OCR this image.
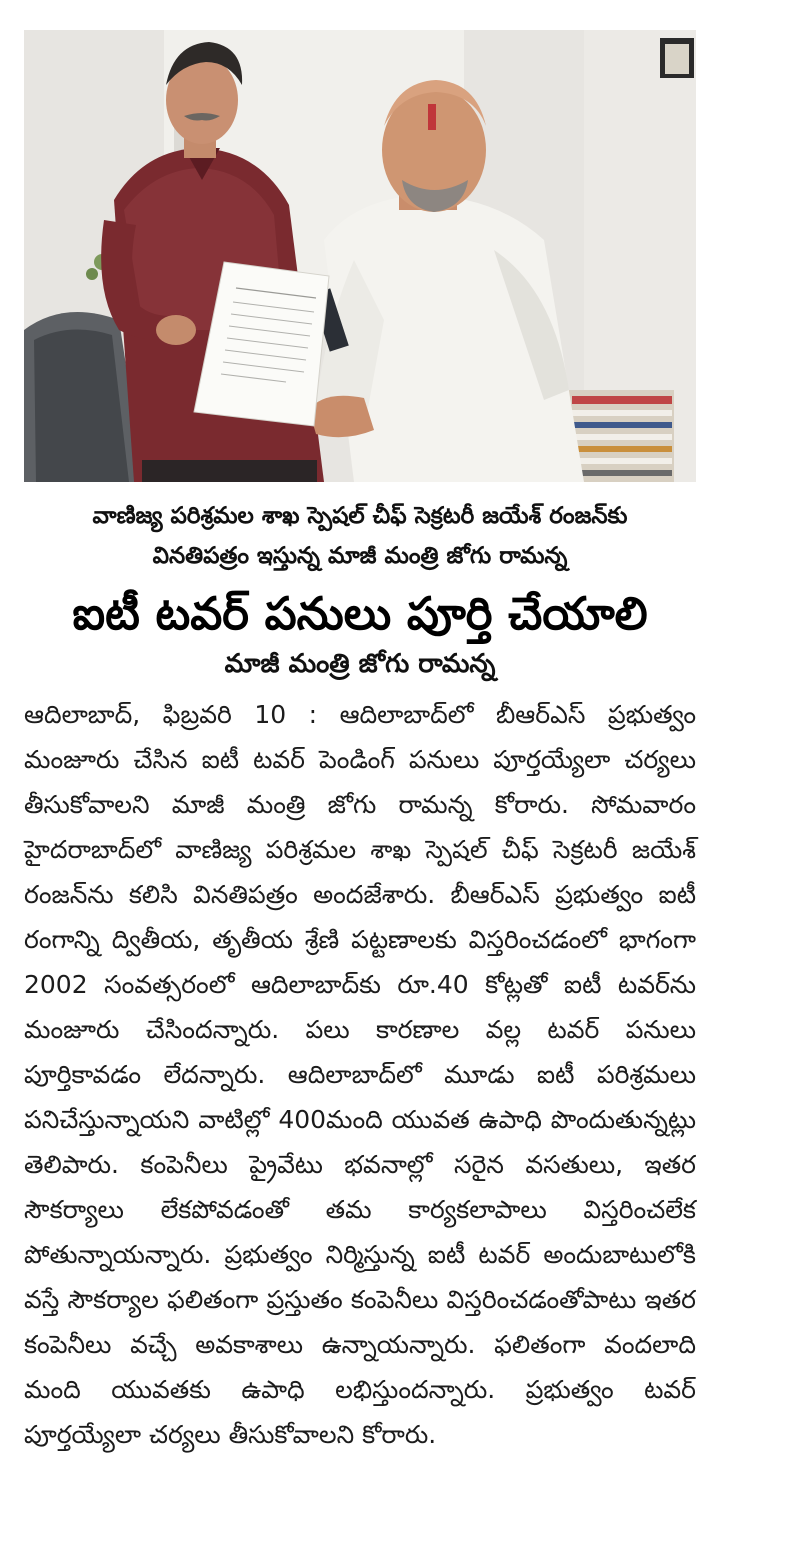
వాణిజ్య పరిశ్రమల శాఖ స్పెషల్ చీఫ్ సెక్రటరీ జయేశ్ రంజన్‌కు
వినతిపత్రం ఇస్తున్న మాజీ మంత్రి జోగు రామన్న
ఐటీ టవర్ పనులు పూర్తి చేయాలి
మాజీ మంత్రి జోగు రామన్న

ఆదిలాబాద్, ఫిబ్రవరి 10 : ఆదిలాబాద్‌లో బీఆర్ఎస్ ప్రభుత్వం మంజూరు చేసిన ఐటీ టవర్ పెండింగ్ పనులు పూర్తయ్యేలా చర్యలు తీసుకోవాలని మాజీ మంత్రి జోగు రామన్న కోరారు. సోమవారం హైదరాబాద్‌లో వాణిజ్య పరిశ్రమల శాఖ స్పెషల్ చీఫ్ సెక్రటరీ జయేశ్ రంజన్‌ను కలిసి వినతిపత్రం అందజేశారు. బీఆర్ఎస్ ప్రభుత్వం ఐటీ రంగాన్ని ద్వితీయ, తృతీయ శ్రేణి పట్టణాలకు విస్తరించడంలో భాగంగా 2002 సంవత్సరంలో ఆదిలాబాద్‌కు రూ.40 కోట్లతో ఐటీ టవర్‌ను మంజూరు చేసిందన్నారు. పలు కారణాల వల్ల టవర్ పనులు పూర్తికావడం లేదన్నారు. ఆదిలాబాద్‌లో మూడు ఐటీ పరిశ్రమలు పనిచేస్తున్నాయని వాటిల్లో 400మంది యువత ఉపాధి పొందుతున్నట్లు తెలిపారు. కంపెనీలు ప్రైవేటు భవనాల్లో సరైన వసతులు, ఇతర సౌకర్యాలు లేకపోవడంతో తమ కార్యకలాపాలు విస్తరించలేక పోతున్నాయన్నారు. ప్రభుత్వం నిర్మిస్తున్న ఐటీ టవర్ అందుబాటులోకి వస్తే సౌకర్యాల ఫలితంగా ప్రస్తుతం కంపెనీలు విస్తరించడంతోపాటు ఇతర కంపెనీలు వచ్చే అవకాశాలు ఉన్నాయన్నారు. ఫలితంగా వందలాది మంది యువతకు ఉపాధి లభిస్తుందన్నారు. ప్రభుత్వం టవర్ పూర్తయ్యేలా చర్యలు తీసుకోవాలని కోరారు.
